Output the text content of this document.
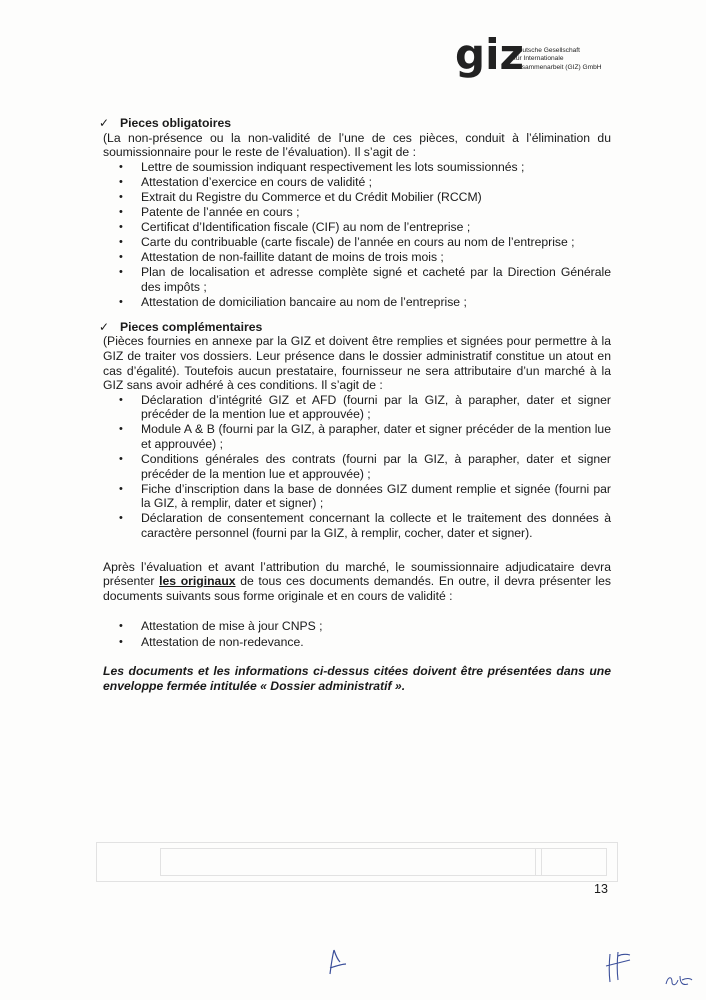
giz
Deutsche Gesellschaft
für Internationale
Zusammenarbeit (GIZ) GmbH

✓ Pieces obligatoires

(La non-présence ou la non-validité de l’une de ces pièces, conduit à l’élimination du soumissionnaire pour le reste de l’évaluation). Il s’agit de :

• Lettre de soumission indiquant respectivement les lots soumissionnés ;
• Attestation d’exercice en cours de validité ;
• Extrait du Registre du Commerce et du Crédit Mobilier (RCCM)
• Patente de l’année en cours ;
• Certificat d’Identification fiscale (CIF) au nom de l’entreprise ;
• Carte du contribuable (carte fiscale) de l’année en cours au nom de l’entreprise ;
• Attestation de non-faillite datant de moins de trois mois ;
• Plan de localisation et adresse complète signé et cacheté par la Direction Générale des impôts ;
• Attestation de domiciliation bancaire au nom de l’entreprise ;

✓ Pieces complémentaires

(Pièces fournies en annexe par la GIZ et doivent être remplies et signées pour permettre à la GIZ de traiter vos dossiers. Leur présence dans le dossier administratif constitue un atout en cas d’égalité). Toutefois aucun prestataire, fournisseur ne sera attributaire d’un marché à la GIZ sans avoir adhéré à ces conditions. Il s’agit de :

• Déclaration d’intégrité GIZ et AFD (fourni par la GIZ, à parapher, dater et signer précéder de la mention lue et approuvée) ;
• Module A & B (fourni par la GIZ, à parapher, dater et signer précéder de la mention lue et approuvée) ;
• Conditions générales des contrats (fourni par la GIZ, à parapher, dater et signer précéder de la mention lue et approuvée) ;
• Fiche d’inscription dans la base de données GIZ dument remplie et signée (fourni par la GIZ, à remplir, dater et signer) ;
• Déclaration de consentement concernant la collecte et le traitement des données à caractère personnel (fourni par la GIZ, à remplir, cocher, dater et signer).

Après l’évaluation et avant l’attribution du marché, le soumissionnaire adjudicataire devra présenter les originaux de tous ces documents demandés. En outre, il devra présenter les documents suivants sous forme originale et en cours de validité :

• Attestation de mise à jour CNPS ;
• Attestation de non-redevance.

Les documents et les informations ci-dessus citées doivent être présentées dans une enveloppe fermée intitulée « Dossier administratif ».

13
